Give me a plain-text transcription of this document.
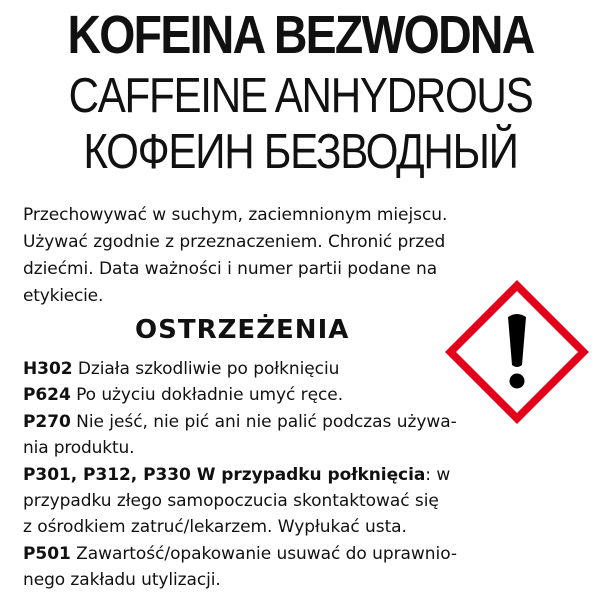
KOFEINA BEZWODNA
CAFFEINE ANHYDROUS
КОФЕИН БЕЗВОДНЫЙ
Przechowywać w suchym, zaciemnionym miejscu.
Używać zgodnie z przeznaczeniem. Chronić przed
dziećmi. Data ważności i numer partii podane na
etykiecie.
OSTRZEŻENIA
H302 Działa szkodliwie po połknięciu
P624 Po użyciu dokładnie umyć ręce.
P270 Nie jeść, nie pić ani nie palić podczas używa-
nia produktu.
P301, P312, P330 W przypadku połknięcia: w
przypadku złego samopoczucia skontaktować się
z ośrodkiem zatruć/lekarzem. Wypłukać usta.
P501 Zawartość/opakowanie usuwać do uprawnio-
nego zakładu utylizacji.
